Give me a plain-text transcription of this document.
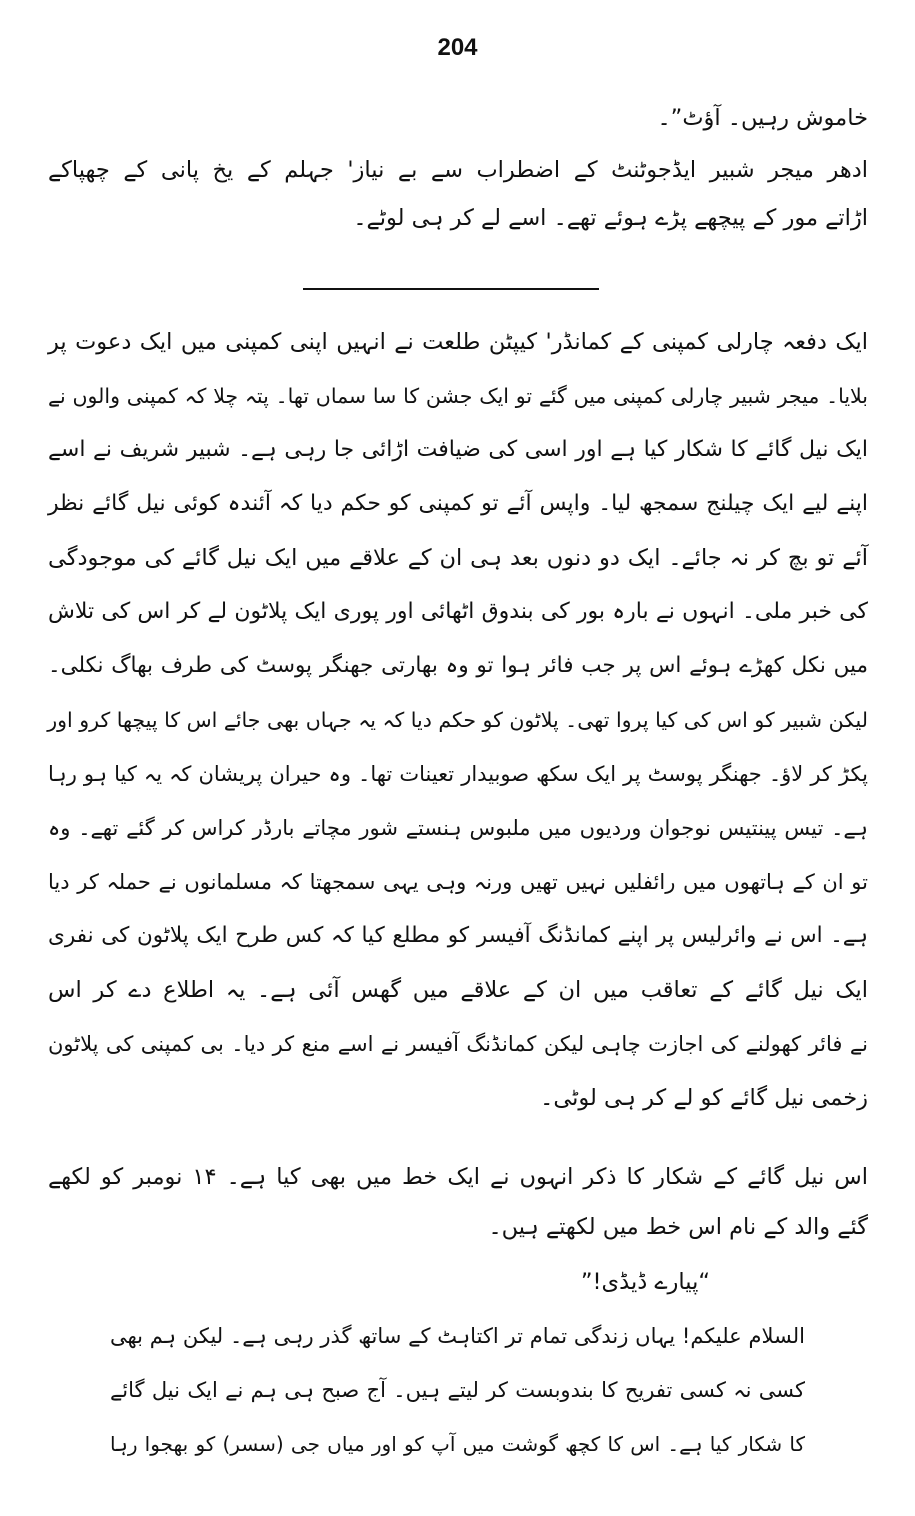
204
خاموش رہیں۔ آؤٹ”۔
ادھر میجر شبیر ایڈجوٹنٹ کے اضطراب سے بے نیاز' جہلم کے یخ پانی کے چھپاکے
اڑاتے مور کے پیچھے پڑے ہوئے تھے۔ اسے لے کر ہی لوٹے۔
ایک دفعہ چارلی کمپنی کے کمانڈر' کیپٹن طلعت نے انہیں اپنی کمپنی میں ایک دعوت پر
بلایا۔ میجر شبیر چارلی کمپنی میں گئے تو ایک جشن کا سا سماں تھا۔ پتہ چلا کہ کمپنی والوں نے
ایک نیل گائے کا شکار کیا ہے اور اسی کی ضیافت اڑائی جا رہی ہے۔ شبیر شریف نے اسے
اپنے لیے ایک چیلنج سمجھ لیا۔ واپس آئے تو کمپنی کو حکم دیا کہ آئندہ کوئی نیل گائے نظر
آئے تو بچ کر نہ جائے۔ ایک دو دنوں بعد ہی ان کے علاقے میں ایک نیل گائے کی موجودگی
کی خبر ملی۔ انہوں نے بارہ بور کی بندوق اٹھائی اور پوری ایک پلاٹون لے کر اس کی تلاش
میں نکل کھڑے ہوئے اس پر جب فائر ہوا تو وہ بھارتی جھنگر پوسٹ کی طرف بھاگ نکلی۔
لیکن شبیر کو اس کی کیا پروا تھی۔ پلاٹون کو حکم دیا کہ یہ جہاں بھی جائے اس کا پیچھا کرو اور
پکڑ کر لاؤ۔ جھنگر پوسٹ پر ایک سکھ صوبیدار تعینات تھا۔ وہ حیران پریشان کہ یہ کیا ہو رہا
ہے۔ تیس پینتیس نوجوان وردیوں میں ملبوس ہنستے شور مچاتے بارڈر کراس کر گئے تھے۔ وہ
تو ان کے ہاتھوں میں رائفلیں نہیں تھیں ورنہ وہی یہی سمجھتا کہ مسلمانوں نے حملہ کر دیا
ہے۔ اس نے وائرلیس پر اپنے کمانڈنگ آفیسر کو مطلع کیا کہ کس طرح ایک پلاٹون کی نفری
ایک نیل گائے کے تعاقب میں ان کے علاقے میں گھس آئی ہے۔ یہ اطلاع دے کر اس
نے فائر کھولنے کی اجازت چاہی لیکن کمانڈنگ آفیسر نے اسے منع کر دیا۔ بی کمپنی کی پلاٹون
زخمی نیل گائے کو لے کر ہی لوٹی۔
اس نیل گائے کے شکار کا ذکر انہوں نے ایک خط میں بھی کیا ہے۔ ۱۴ نومبر کو لکھے
گئے والد کے نام اس خط میں لکھتے ہیں۔
“پیارے ڈیڈی!”
السلام علیکم! یہاں زندگی تمام تر اکتاہٹ کے ساتھ گذر رہی ہے۔ لیکن ہم بھی
کسی نہ کسی تفریح کا بندوبست کر لیتے ہیں۔ آج صبح ہی ہم نے ایک نیل گائے
کا شکار کیا ہے۔ اس کا کچھ گوشت میں آپ کو اور میاں جی (سسر) کو بھجوا رہا
